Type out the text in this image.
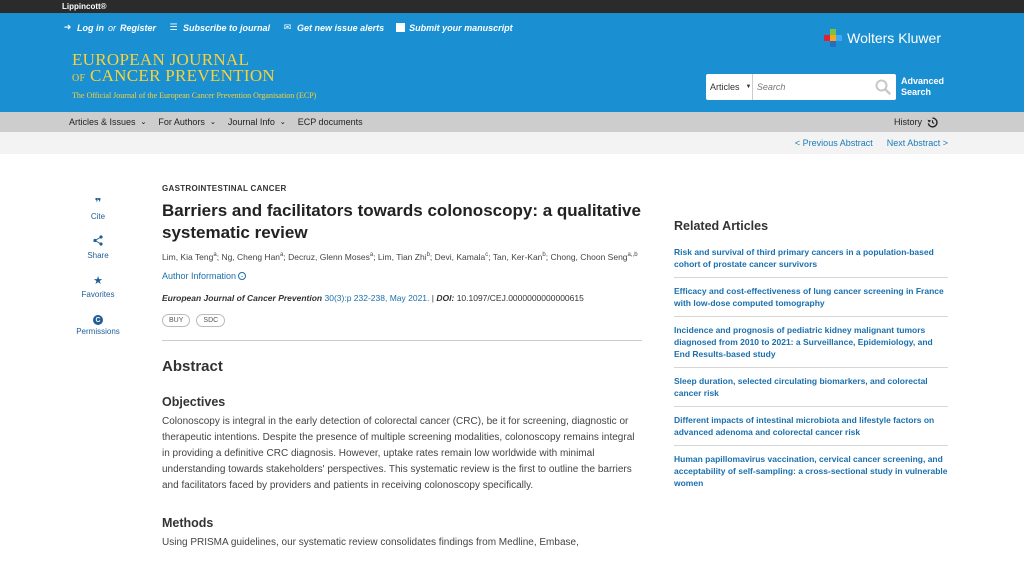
Lippincott®
➜ Log in or Register ☰ Subscribe to journal ✉ Get new issue alerts	Submit your manuscript
Wolters Kluwer
EUROPEAN JOURNAL
OF CANCER PREVENTION
The Official Journal of the European Cancer Prevention Organisation (ECP)
Articles ▼
Search
Advanced
Search
Articles & Issues ⌄ For Authors ⌄ Journal Info ⌄ ECP documents	History
< Previous Abstract Next Abstract >
❞
Cite
Share
★
Favorites
C
Permissions
GASTROINTESTINAL CANCER
Barriers and facilitators towards colonoscopy: a qualitative systematic review
Lim, Kia Teng$^a$; Ng, Cheng Han$^a$; Decruz, Glenn Moses$^a$; Lim, Tian Zhi$^b$; Devi, Kamala$^c$; Tan, Ker-Kan$^b$; Chong, Choon Seng$^{a,,b}$
Author Information ⌄
European Journal of Cancer Prevention 30(3):p 232-238, May 2021. | DOI: 10.1097/CEJ.0000000000000615
BUY	SDC
Abstract
Objectives

Colonoscopy is integral in the early detection of colorectal cancer (CRC), be it for screening, diagnostic or therapeutic intentions. Despite the presence of multiple screening modalities, colonoscopy remains integral in providing a definitive CRC diagnosis. However, uptake rates remain low worldwide with minimal understanding towards stakeholders' perspectives. This systematic review is the first to outline the barriers and facilitators faced by providers and patients in receiving colonoscopy specifically.

Methods

Using PRISMA guidelines, our systematic review consolidates findings from Medline, Embase,

Related Articles
Risk and survival of third primary cancers in a population-based cohort of prostate cancer survivors
Efficacy and cost-effectiveness of lung cancer screening in France with low-dose computed tomography
Incidence and prognosis of pediatric kidney malignant tumors diagnosed from 2010 to 2021: a Surveillance, Epidemiology, and End Results-based study
Sleep duration, selected circulating biomarkers, and colorectal cancer risk
Different impacts of intestinal microbiota and lifestyle factors on advanced adenoma and colorectal cancer risk
Human papillomavirus vaccination, cervical cancer screening, and acceptability of self-sampling: a cross-sectional study in vulnerable women
